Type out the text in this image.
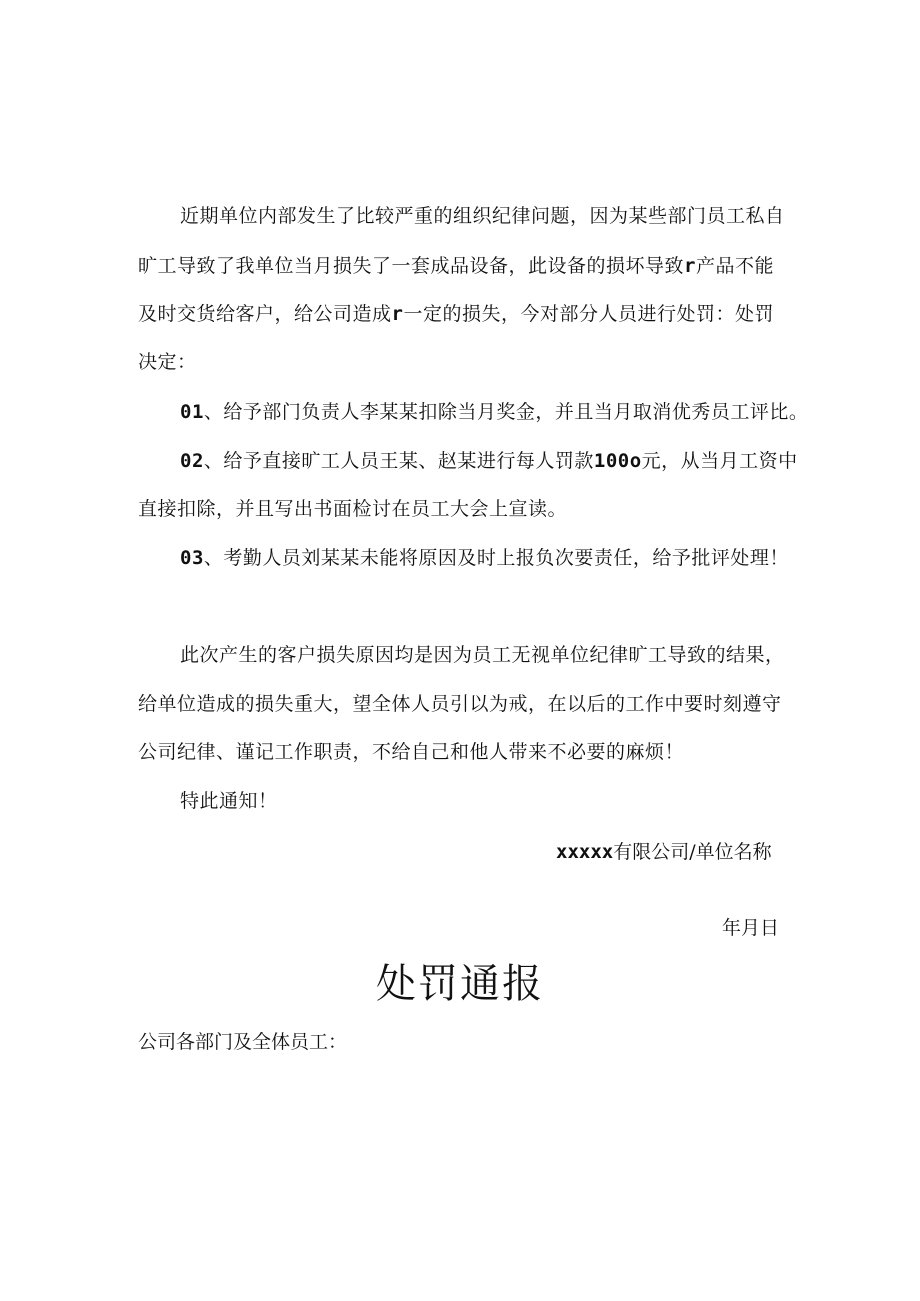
近期单位内部发生了比较严重的组织纪律问题，因为某些部门员工私自
旷工导致了我单位当月损失了一套成品设备，此设备的损坏导致r产品不能
及时交货给客户，给公司造成r一定的损失，今对部分人员进行处罚：处罚
决定：
01、给予部门负责人李某某扣除当月奖金，并且当月取消优秀员工评比。
02、给予直接旷工人员王某、赵某进行每人罚款100o元，从当月工资中
直接扣除，并且写出书面检讨在员工大会上宣读。
03、考勤人员刘某某未能将原因及时上报负次要责任，给予批评处理！
此次产生的客户损失原因均是因为员工无视单位纪律旷工导致的结果，
给单位造成的损失重大，望全体人员引以为戒，在以后的工作中要时刻遵守
公司纪律、谨记工作职责，不给自己和他人带来不必要的麻烦！
特此通知！
xxxxx有限公司/单位名称
年月日
处罚通报
公司各部门及全体员工：
